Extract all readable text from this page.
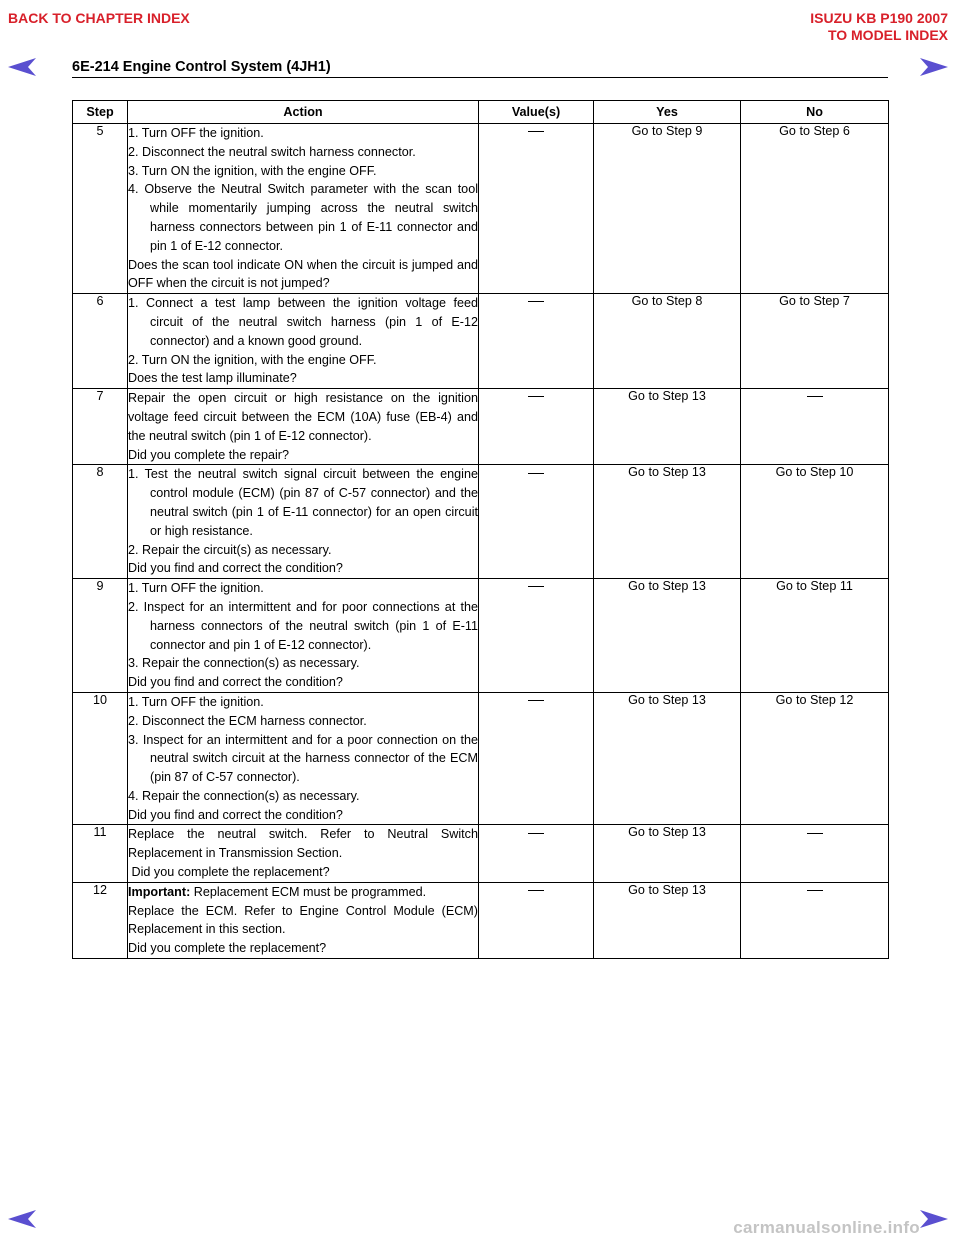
BACK TO CHAPTER INDEX	ISUZU KB P190 2007
TO MODEL INDEX
6E-214 Engine Control System (4JH1)
Step	Action	Value(s)	Yes	No
5	1. Turn OFF the ignition.
2. Disconnect the neutral switch harness connector.
3. Turn ON the ignition, with the engine OFF.
4. Observe the Neutral Switch parameter with the scan tool while momentarily jumping across the neutral switch harness connectors between pin 1 of E-11 connector and pin 1 of E-12 connector.
Does the scan tool indicate ON when the circuit is jumped and OFF when the circuit is not jumped?		Go to Step 9	Go to Step 6
6	1. Connect a test lamp between the ignition voltage feed circuit of the neutral switch harness (pin 1 of E-12 connector) and a known good ground.
2. Turn ON the ignition, with the engine OFF.
Does the test lamp illuminate?		Go to Step 8	Go to Step 7
7	Repair the open circuit or high resistance on the ignition voltage feed circuit between the ECM (10A) fuse (EB-4) and the neutral switch (pin 1 of E-12 connector).
Did you complete the repair?		Go to Step 13	
8	1. Test the neutral switch signal circuit between the engine control module (ECM) (pin 87 of C-57 connector) and the neutral switch (pin 1 of E-11 connector) for an open circuit or high resistance.
2. Repair the circuit(s) as necessary.
Did you find and correct the condition?		Go to Step 13	Go to Step 10
9	1. Turn OFF the ignition.
2. Inspect for an intermittent and for poor connections at the harness connectors of the neutral switch (pin 1 of E-11 connector and pin 1 of E-12 connector).
3. Repair the connection(s) as necessary.
Did you find and correct the condition?		Go to Step 13	Go to Step 11
10	1. Turn OFF the ignition.
2. Disconnect the ECM harness connector.
3. Inspect for an intermittent and for a poor connection on the neutral switch circuit at the harness connector of the ECM (pin 87 of C-57 connector).
4. Repair the connection(s) as necessary.
Did you find and correct the condition?		Go to Step 13	Go to Step 12
11	Replace the neutral switch. Refer to Neutral Switch Replacement in Transmission Section.
Did you complete the replacement?		Go to Step 13	
12	Important: Replacement ECM must be programmed.
Replace the ECM. Refer to Engine Control Module (ECM) Replacement in this section.
Did you complete the replacement?		Go to Step 13	
carmanualsonline.info
